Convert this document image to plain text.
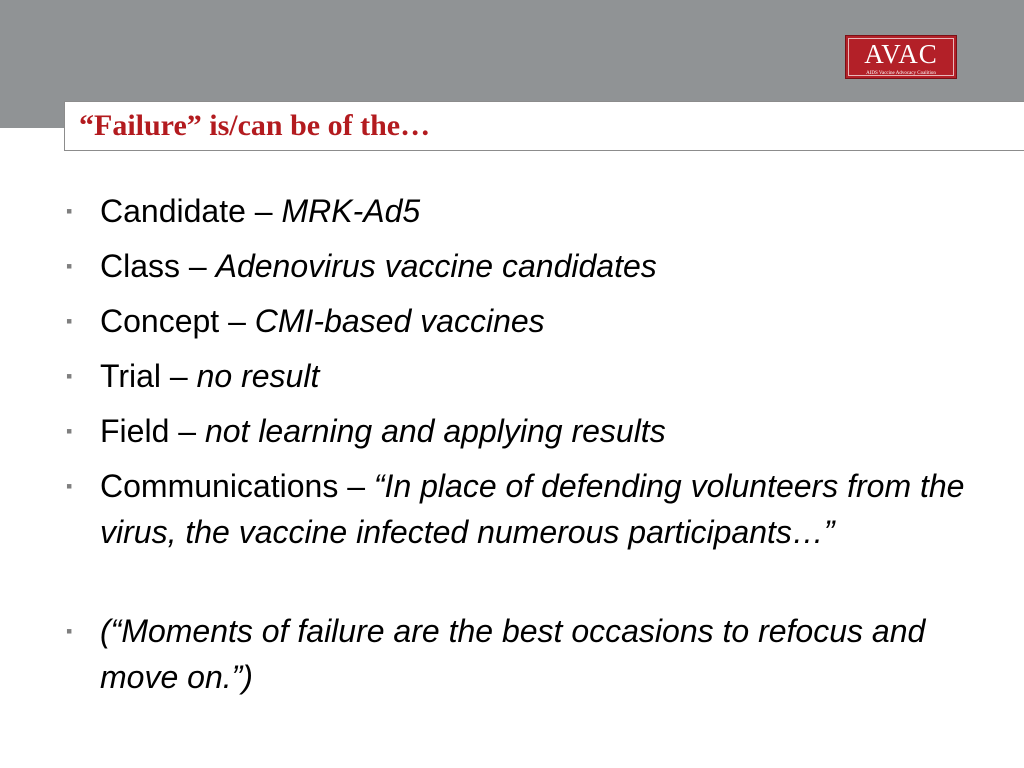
AVAC
AIDS Vaccine Advocacy Coalition
“Failure” is/can be of the…
▪ Candidate – MRK-Ad5
▪ Class – Adenovirus vaccine candidates
▪ Concept – CMI-based vaccines
▪ Trial – no result
▪ Field – not learning and applying results
▪ Communications – “In place of defending volunteers from the virus, the vaccine infected numerous participants…”
▪ (“Moments of failure are the best occasions to refocus and move on.”)
